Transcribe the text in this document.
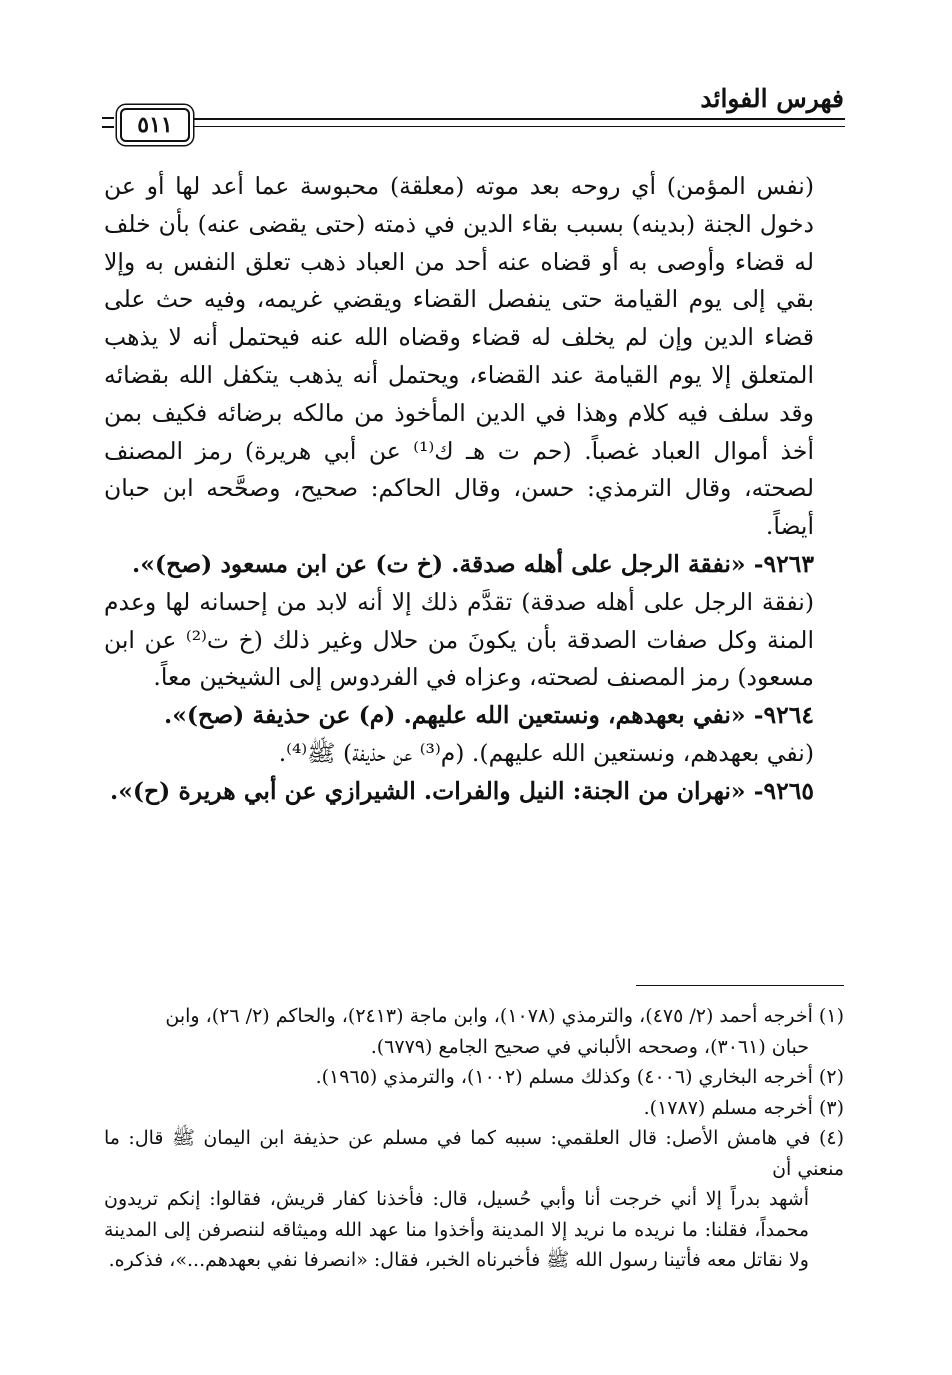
فهرس الفوائد
٥١١

(نفس المؤمن) أي روحه بعد موته (معلقة) محبوسة عما أعد لها أو عن دخول الجنة (بدينه) بسبب بقاء الدين في ذمته (حتى يقضى عنه) بأن خلف له قضاء وأوصى به أو قضاه عنه أحد من العباد ذهب تعلق النفس به وإلا بقي إلى يوم القيامة حتى ينفصل القضاء ويقضي غريمه، وفيه حث على قضاء الدين وإن لم يخلف له قضاء وقضاه الله عنه فيحتمل أنه لا يذهب المتعلق إلا يوم القيامة عند القضاء، ويحتمل أنه يذهب يتكفل الله بقضائه وقد سلف فيه كلام وهذا في الدين المأخوذ من مالكه برضائه فكيف بمن أخذ أموال العباد غصباً. (حم ت هـ ك⁽¹⁾ عن أبي هريرة) رمز المصنف لصحته، وقال الترمذي: حسن، وقال الحاكم: صحيح، وصحَّحه ابن حبان أيضاً.

٩٢٦٣- «نفقة الرجل على أهله صدقة. (خ ت) عن ابن مسعود (صح)».

(نفقة الرجل على أهله صدقة) تقدَّم ذلك إلا أنه لابد من إحسانه لها وعدم المنة وكل صفات الصدقة بأن يكونَ من حلال وغير ذلك (خ ت⁽²⁾ عن ابن مسعود) رمز المصنف لصحته، وعزاه في الفردوس إلى الشيخين معاً.

٩٢٦٤- «نفي بعهدهم، ونستعين الله عليهم. (م) عن حذيفة (صح)».

(نفي بعهدهم، ونستعين الله عليهم). (م⁽³⁾ عن حذيفة) ﷺ⁽⁴⁾.

٩٢٦٥- «نهران من الجنة: النيل والفرات. الشيرازي عن أبي هريرة (ح)».

(١) أخرجه أحمد (٢/ ٤٧٥)، والترمذي (١٠٧٨)، وابن ماجة (٢٤١٣)، والحاكم (٢/ ٢٦)، وابن

حبان (٣٠٦١)، وصححه الألباني في صحيح الجامع (٦٧٧٩).

(٢) أخرجه البخاري (٤٠٠٦) وكذلك مسلم (١٠٠٢)، والترمذي (١٩٦٥).

(٣) أخرجه مسلم (١٧٨٧).

(٤) في هامش الأصل: قال العلقمي: سببه كما في مسلم عن حذيفة ابن اليمان ﷺ قال: ما منعني أن

أشهد بدراً إلا أني خرجت أنا وأبي حُسيل، قال: فأخذنا كفار قريش، فقالوا: إنكم تريدون محمداً، فقلنا: ما نريده ما نريد إلا المدينة وأخذوا منا عهد الله وميثاقه لننصرفن إلى المدينة ولا نقاتل معه فأتينا رسول الله ﷺ فأخبرناه الخبر، فقال: «انصرفا نفي بعهدهم...»، فذكره.
